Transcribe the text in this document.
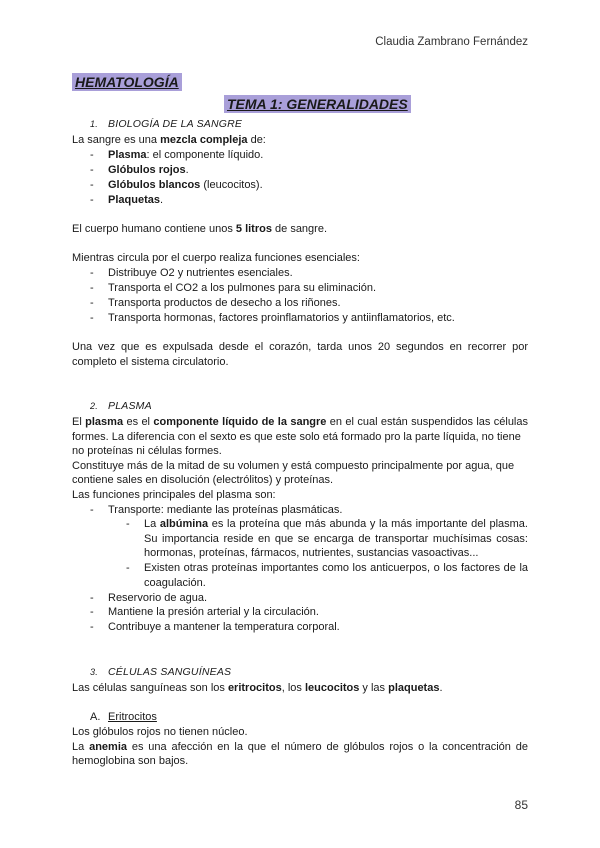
Claudia Zambrano Fernández
HEMATOLOGÍA
TEMA 1: GENERALIDADES
1. BIOLOGÍA DE LA SANGRE
La sangre es una mezcla compleja de:
- Plasma: el componente líquido.
- Glóbulos rojos.
- Glóbulos blancos (leucocitos).
- Plaquetas.
El cuerpo humano contiene unos 5 litros de sangre.
Mientras circula por el cuerpo realiza funciones esenciales:
- Distribuye O2 y nutrientes esenciales.
- Transporta el CO2 a los pulmones para su eliminación.
- Transporta productos de desecho a los riñones.
- Transporta hormonas, factores proinflamatorios y antiinflamatorios, etc.
Una vez que es expulsada desde el corazón, tarda unos 20 segundos en recorrer por
completo el sistema circulatorio.
2. PLASMA
El plasma es el componente líquido de la sangre en el cual están suspendidos las células
formes. La diferencia con el sexto es que este solo etá formado pro la parte líquida, no tiene
no proteínas ni células formes.
Constituye más de la mitad de su volumen y está compuesto principalmente por agua, que
contiene sales en disolución (electrólitos) y proteínas.
Las funciones principales del plasma son:
- Transporte: mediante las proteínas plasmáticas.
- La albúmina es la proteína que más abunda y la más importante del plasma. Su importancia reside en que se encarga de transportar muchísimas cosas: hormonas, proteínas, fármacos, nutrientes, sustancias vasoactivas...
- Existen otras proteínas importantes como los anticuerpos, o los factores de la coagulación.
- Reservorio de agua.
- Mantiene la presión arterial y la circulación.
- Contribuye a mantener la temperatura corporal.
3. CÉLULAS SANGUÍNEAS
Las células sanguíneas son los eritrocitos, los leucocitos y las plaquetas.
A. Eritrocitos
Los glóbulos rojos no tienen núcleo.
La anemia es una afección en la que el número de glóbulos rojos o la concentración de
hemoglobina son bajos.
85
